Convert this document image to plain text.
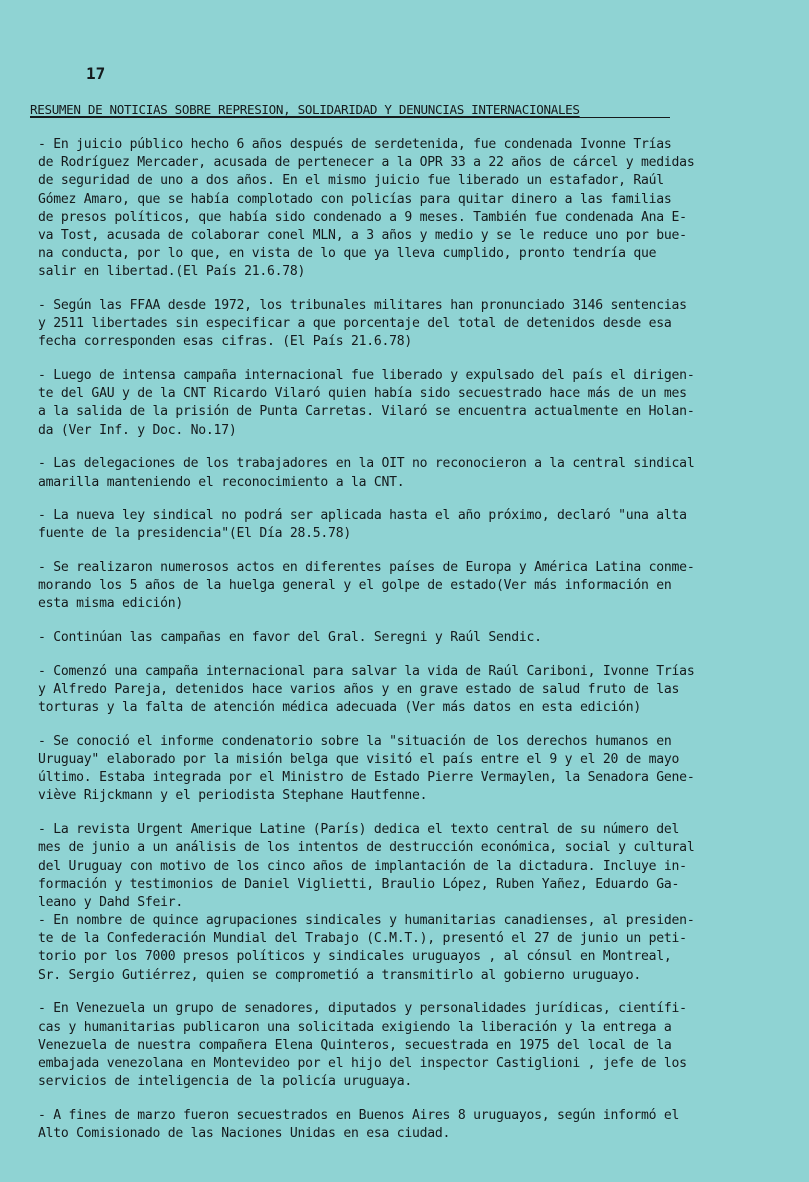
17
RESUMEN DE NOTICIAS SOBRE REPRESION, SOLIDARIDAD Y DENUNCIAS INTERNACIONALES
- En juicio público hecho 6 años después de serdetenida, fue condenada Ivonne Trías
de Rodríguez Mercader, acusada de pertenecer a la OPR 33 a 22 años de cárcel y medidas
de seguridad de uno a dos años. En el mismo juicio fue liberado un estafador, Raúl
Gómez Amaro, que se había complotado con policías para quitar dinero a las familias
de presos políticos, que había sido condenado a 9 meses. También fue condenada Ana E-
va Tost, acusada de colaborar conel MLN, a 3 años y medio y se le reduce uno por bue-
na conducta, por lo que, en vista de lo que ya lleva cumplido, pronto tendría que
salir en libertad.(El País 21.6.78)
- Según las FFAA desde 1972, los tribunales militares han pronunciado 3146 sentencias
y 2511 libertades sin especificar a que porcentaje del total de detenidos desde esa
fecha corresponden esas cifras. (El País 21.6.78)
- Luego de intensa campaña internacional fue liberado y expulsado del país el dirigen-
te del GAU y de la CNT Ricardo Vilaró quien había sido secuestrado hace más de un mes
a la salida de la prisión de Punta Carretas. Vilaró se encuentra actualmente en Holan-
da (Ver Inf. y Doc. No.17)
- Las delegaciones de los trabajadores en la OIT no reconocieron a la central sindical
amarilla manteniendo el reconocimiento a la CNT.
- La nueva ley sindical no podrá ser aplicada hasta el año próximo, declaró "una alta
fuente de la presidencia"(El Día 28.5.78)
- Se realizaron numerosos actos en diferentes países de Europa y América Latina conme-
morando los 5 años de la huelga general y el golpe de estado(Ver más información en
esta misma edición)
- Continúan las campañas en favor del Gral. Seregni y Raúl Sendic.
- Comenzó una campaña internacional para salvar la vida de Raúl Cariboni, Ivonne Trías
y Alfredo Pareja, detenidos hace varios años y en grave estado de salud fruto de las
torturas y la falta de atención médica adecuada (Ver más datos en esta edición)
- Se conoció el informe condenatorio sobre la "situación de los derechos humanos en
Uruguay" elaborado por la misión belga que visitó el país entre el 9 y el 20 de mayo
último. Estaba integrada por el Ministro de Estado Pierre Vermaylen, la Senadora Gene-
viève Rijckmann y el periodista Stephane Hautfenne.
- La revista Urgent Amerique Latine (París) dedica el texto central de su número del
mes de junio a un análisis de los intentos de destrucción económica, social y cultural
del Uruguay con motivo de los cinco años de implantación de la dictadura. Incluye in-
formación y testimonios de Daniel Viglietti, Braulio López, Ruben Yañez, Eduardo Ga-
leano y Dahd Sfeir.
- En nombre de quince agrupaciones sindicales y humanitarias canadienses, al presiden-
te de la Confederación Mundial del Trabajo (C.M.T.), presentó el 27 de junio un peti-
torio por los 7000 presos políticos y sindicales uruguayos , al cónsul en Montreal,
Sr. Sergio Gutiérrez, quien se comprometió a transmitirlo al gobierno uruguayo.
- En Venezuela un grupo de senadores, diputados y personalidades jurídicas, científi-
cas y humanitarias publicaron una solicitada exigiendo la liberación y la entrega a
Venezuela de nuestra compañera Elena Quinteros, secuestrada en 1975 del local de la
embajada venezolana en Montevideo por el hijo del inspector Castiglioni , jefe de los
servicios de inteligencia de la policía uruguaya.
- A fines de marzo fueron secuestrados en Buenos Aires 8 uruguayos, según informó el
Alto Comisionado de las Naciones Unidas en esa ciudad.
